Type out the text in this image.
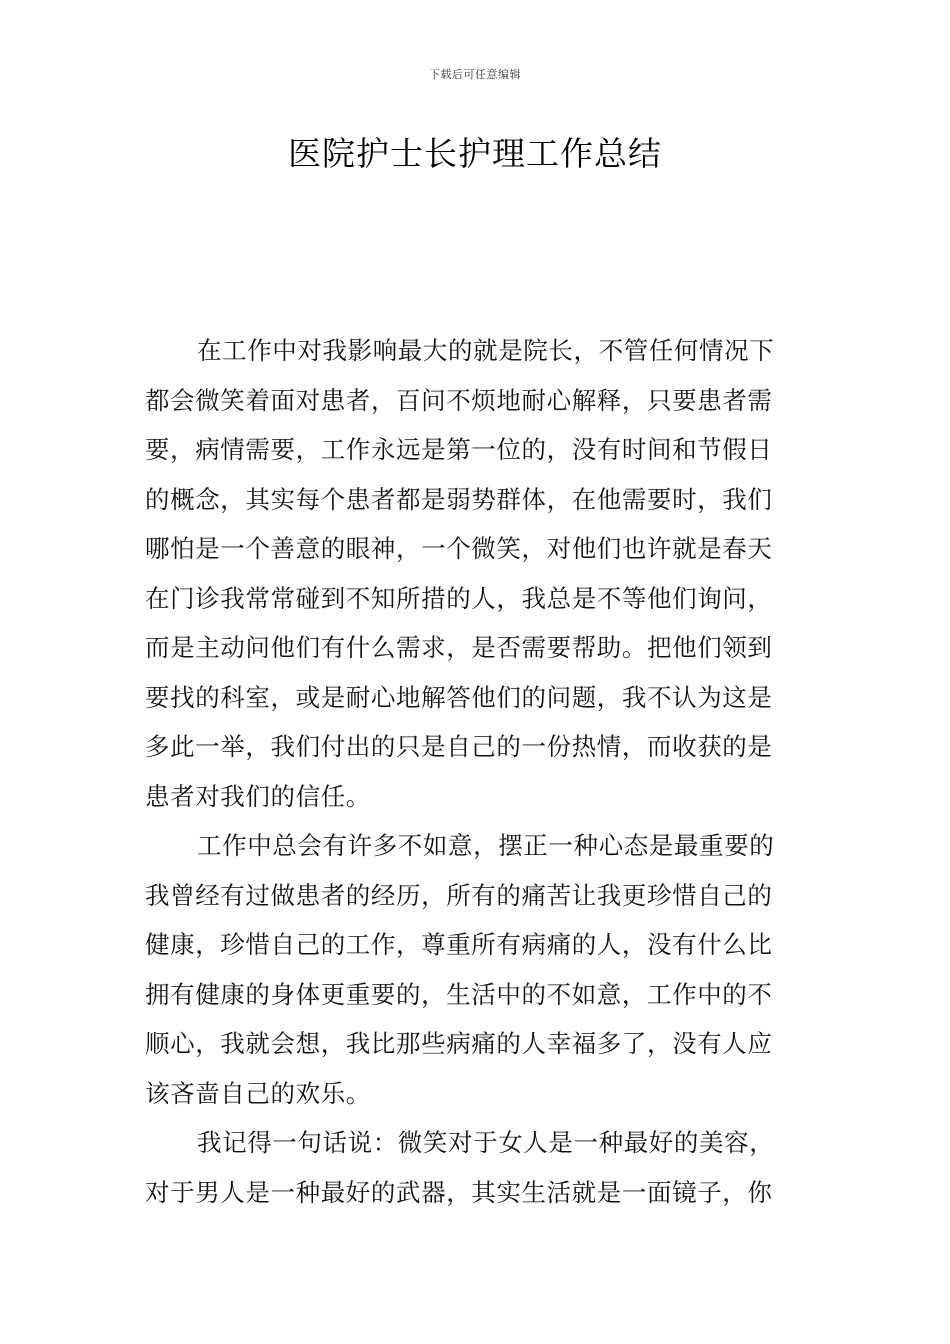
下载后可任意编辑
医院护士长护理工作总结
在工作中对我影响最大的就是院长，不管任何情况下
都会微笑着面对患者，百问不烦地耐心解释，只要患者需
要，病情需要，工作永远是第一位的，没有时间和节假日
的概念，其实每个患者都是弱势群体，在他需要时，我们
哪怕是一个善意的眼神，一个微笑，对他们也许就是春天
在门诊我常常碰到不知所措的人，我总是不等他们询问，
而是主动问他们有什么需求，是否需要帮助。把他们领到
要找的科室，或是耐心地解答他们的问题，我不认为这是
多此一举，我们付出的只是自己的一份热情，而收获的是
患者对我们的信任。
工作中总会有许多不如意，摆正一种心态是最重要的
我曾经有过做患者的经历，所有的痛苦让我更珍惜自己的
健康，珍惜自己的工作，尊重所有病痛的人，没有什么比
拥有健康的身体更重要的，生活中的不如意，工作中的不
顺心，我就会想，我比那些病痛的人幸福多了，没有人应
该吝啬自己的欢乐。
我记得一句话说：微笑对于女人是一种最好的美容，
对于男人是一种最好的武器，其实生活就是一面镜子，你
